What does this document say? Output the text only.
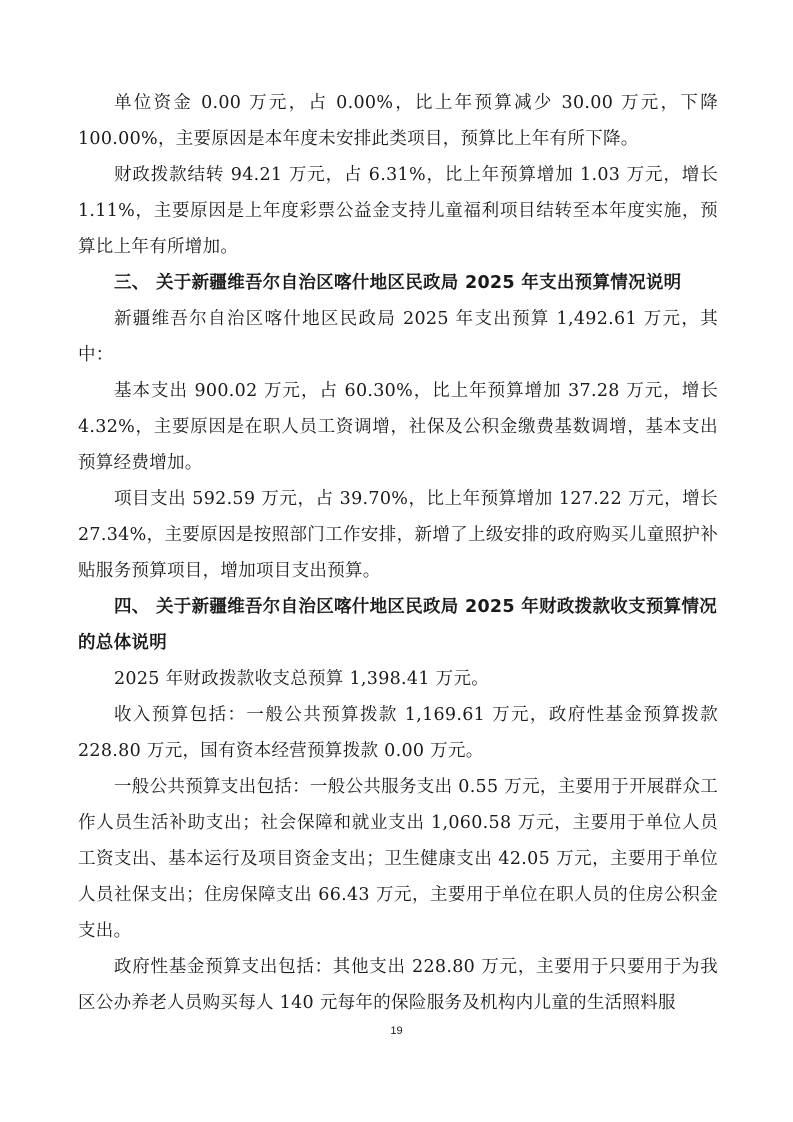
单位资金 0.00 万元，占 0.00%，比上年预算减少 30.00 万元，下降 100.00%，主要原因是本年度未安排此类项目，预算比上年有所下降。

财政拨款结转 94.21 万元，占 6.31%，比上年预算增加 1.03 万元，增长 1.11%，主要原因是上年度彩票公益金支持儿童福利项目结转至本年度实施，预算比上年有所增加。

三、 关于新疆维吾尔自治区喀什地区民政局 2025 年支出预算情况说明

新疆维吾尔自治区喀什地区民政局 2025 年支出预算 1,492.61 万元，其中：

基本支出 900.02 万元，占 60.30%，比上年预算增加 37.28 万元，增长 4.32%，主要原因是在职人员工资调增，社保及公积金缴费基数调增，基本支出预算经费增加。

项目支出 592.59 万元，占 39.70%，比上年预算增加 127.22 万元，增长 27.34%，主要原因是按照部门工作安排，新增了上级安排的政府购买儿童照护补贴服务预算项目，增加项目支出预算。

四、 关于新疆维吾尔自治区喀什地区民政局 2025 年财政拨款收支预算情况的总体说明

2025 年财政拨款收支总预算 1,398.41 万元。

收入预算包括：一般公共预算拨款 1,169.61 万元，政府性基金预算拨款 228.80 万元，国有资本经营预算拨款 0.00 万元。

一般公共预算支出包括：一般公共服务支出 0.55 万元，主要用于开展群众工作人员生活补助支出；社会保障和就业支出 1,060.58 万元，主要用于单位人员工资支出、基本运行及项目资金支出；卫生健康支出 42.05 万元，主要用于单位人员社保支出；住房保障支出 66.43 万元，主要用于单位在职人员的住房公积金支出。

政府性基金预算支出包括：其他支出 228.80 万元，主要用于只要用于为我区公办养老人员购买每人 140 元每年的保险服务及机构内儿童的生活照料服

19
